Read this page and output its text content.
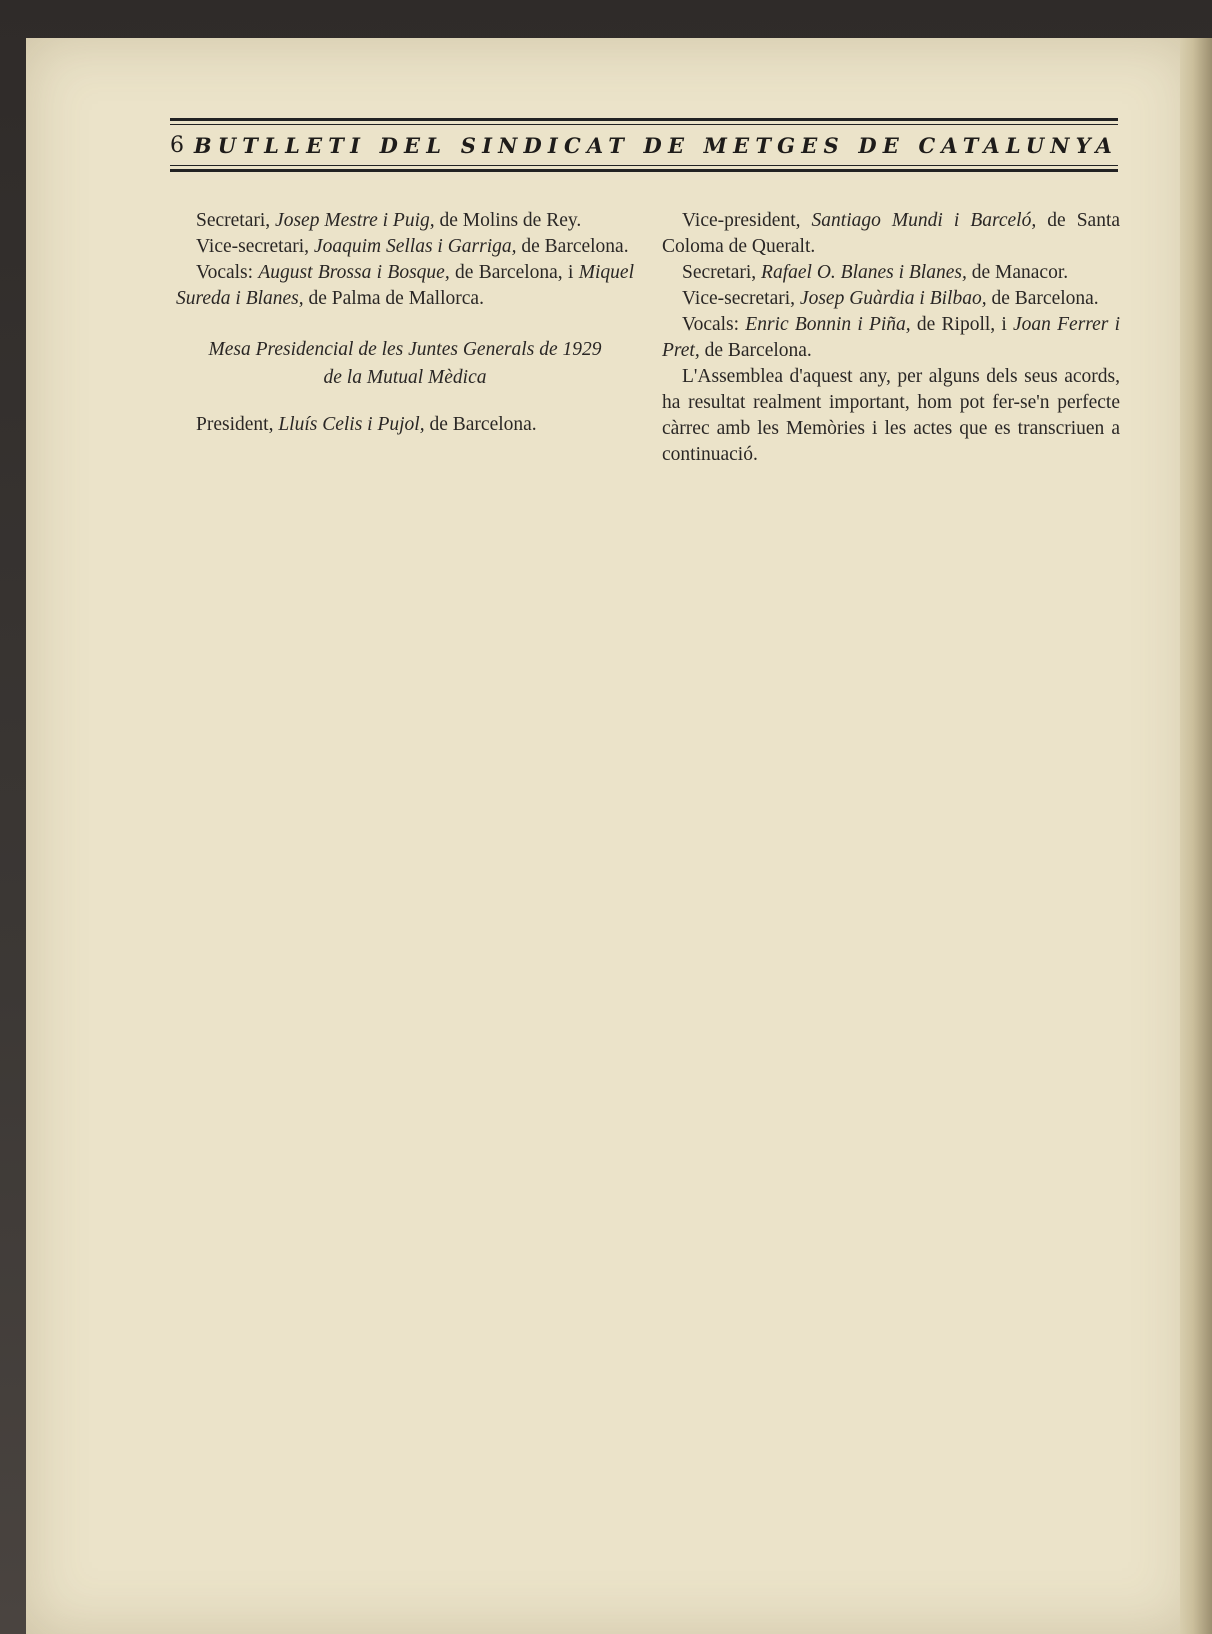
6 BUTLLETI DEL SINDICAT DE METGES DE CATALUNYA

Secretari, Josep Mestre i Puig, de Molins de Rey.

Vice-secretari, Joaquim Sellas i Garriga, de Barcelona.

Vocals: August Brossa i Bosque, de Barcelona, i Miquel Sureda i Blanes, de Palma de Mallorca.

Mesa Presidencial de les Juntes Generals de 1929
de la Mutual Mèdica

President, Lluís Celis i Pujol, de Barcelona.

Vice-president, Santiago Mundi i Barceló, de Santa Coloma de Queralt.

Secretari, Rafael O. Blanes i Blanes, de Manacor.

Vice-secretari, Josep Guàrdia i Bilbao, de Barcelona.

Vocals: Enric Bonnin i Piña, de Ripoll, i Joan Ferrer i Pret, de Barcelona.

L'Assemblea d'aquest any, per alguns dels seus acords, ha resultat realment important, hom pot fer-se'n perfecte càrrec amb les Memòries i les actes que es transcriuen a continuació.
